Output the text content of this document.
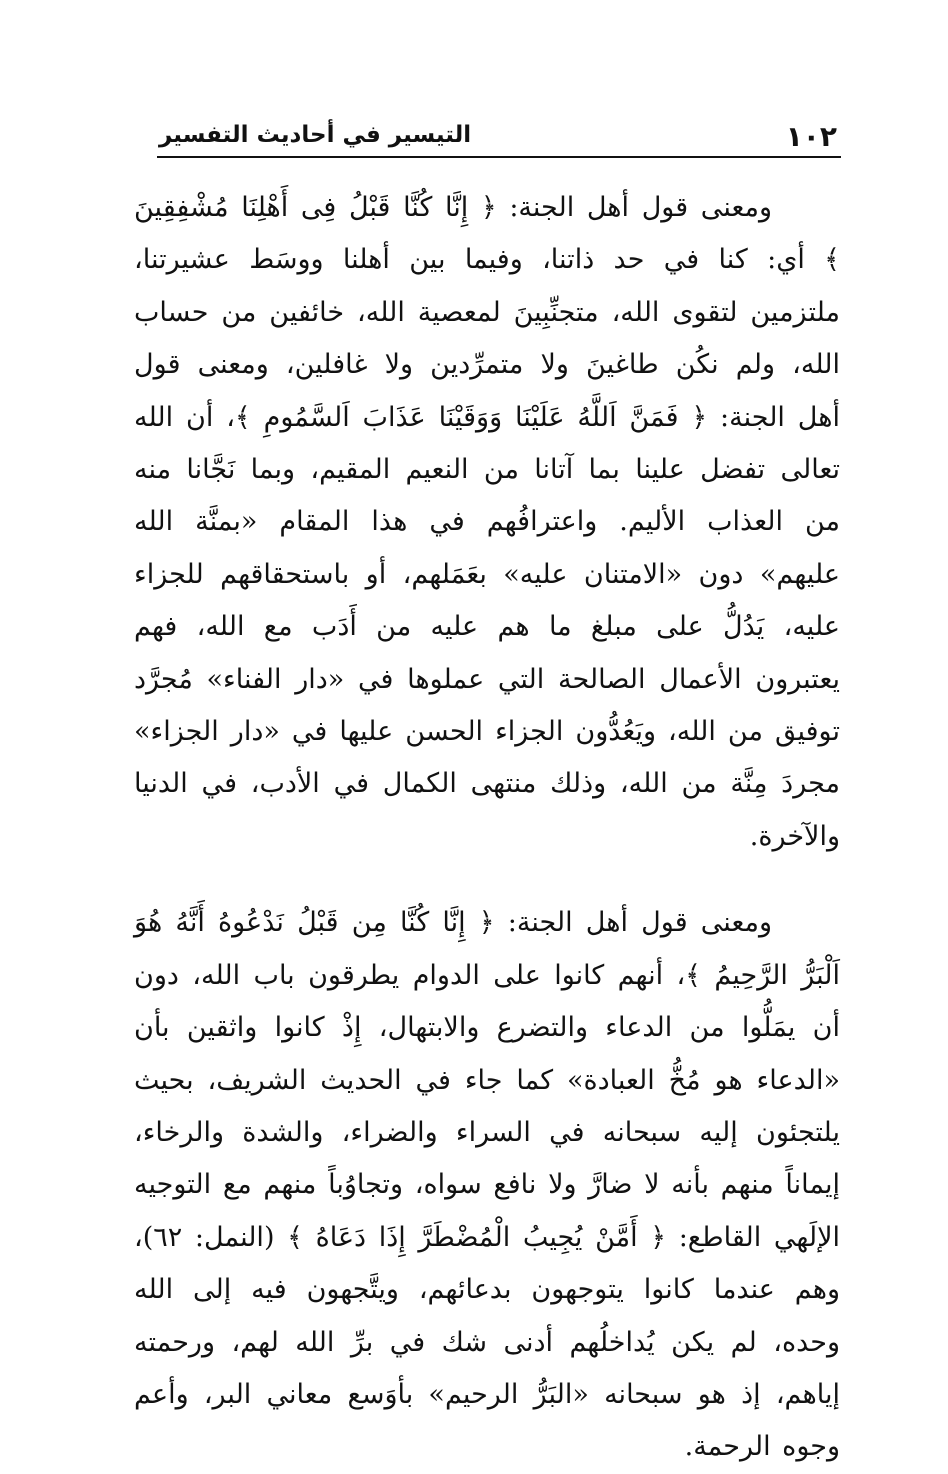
١٠٢
التيسير في أحاديث التفسير

ومعنى قول أهل الجنة: ﴿ إِنَّا كُنَّا قَبْلُ فِى أَهْلِنَا مُشْفِقِينَ ﴾ أي: كنا في حد ذاتنا، وفيما بين أهلنا ووسَط عشيرتنا، ملتزمين لتقوى الله، متجنِّبِينَ لمعصية الله، خائفين من حساب الله، ولم نكُن طاغينَ ولا متمرِّدين ولا غافلين، ومعنى قول أهل الجنة: ﴿ فَمَنَّ اَللَّهُ عَلَيْنَا وَوَقَيْنَا عَذَابَ اَلسَّمُومِ ﴾، أن الله تعالى تفضل علينا بما آتانا من النعيم المقيم، وبما نَجَّانا منه من العذاب الأليم. واعترافُهم في هذا المقام «بمنَّة الله عليهم» دون «الامتنان عليه» بعَمَلهم، أو باستحقاقهم للجزاء عليه، يَدُلُّ على مبلغ ما هم عليه من أَدَب مع الله، فهم يعتبرون الأعمال الصالحة التي عملوها في «دار الفناء» مُجرَّد توفيق من الله، ويَعُدُّون الجزاء الحسن عليها في «دار الجزاء» مجردَ مِنَّة من الله، وذلك منتهى الكمال في الأدب، في الدنيا والآخرة.

ومعنى قول أهل الجنة: ﴿ إِنَّا كُنَّا مِن قَبْلُ نَدْعُوهُ أَنَّهُ هُوَ اَلْبَرُّ الرَّحِيمُ ﴾، أنهم كانوا على الدوام يطرقون باب الله، دون أن يمَلُّوا من الدعاء والتضرع والابتهال، إِذْ كانوا واثقين بأن «الدعاء هو مُخُّ العبادة» كما جاء في الحديث الشريف، بحيث يلتجئون إليه سبحانه في السراء والضراء، والشدة والرخاء، إيماناً منهم بأنه لا ضارَّ ولا نافع سواه، وتجاوُباً منهم مع التوجيه الإلَهي القاطع: ﴿ أَمَّنْ يُجِيبُ الْمُضْطَرَّ إِذَا دَعَاهُ ﴾ (النمل: ٦٢)، وهم عندما كانوا يتوجهون بدعائهم، ويتَّجهون فيه إلى الله وحده، لم يكن يُداخلُهم أدنى شك في برِّ الله لهم، ورحمته إياهم، إذ هو سبحانه «البَرُّ الرحيم» بأوَسع معاني البر، وأعم وجوه الرحمة.
